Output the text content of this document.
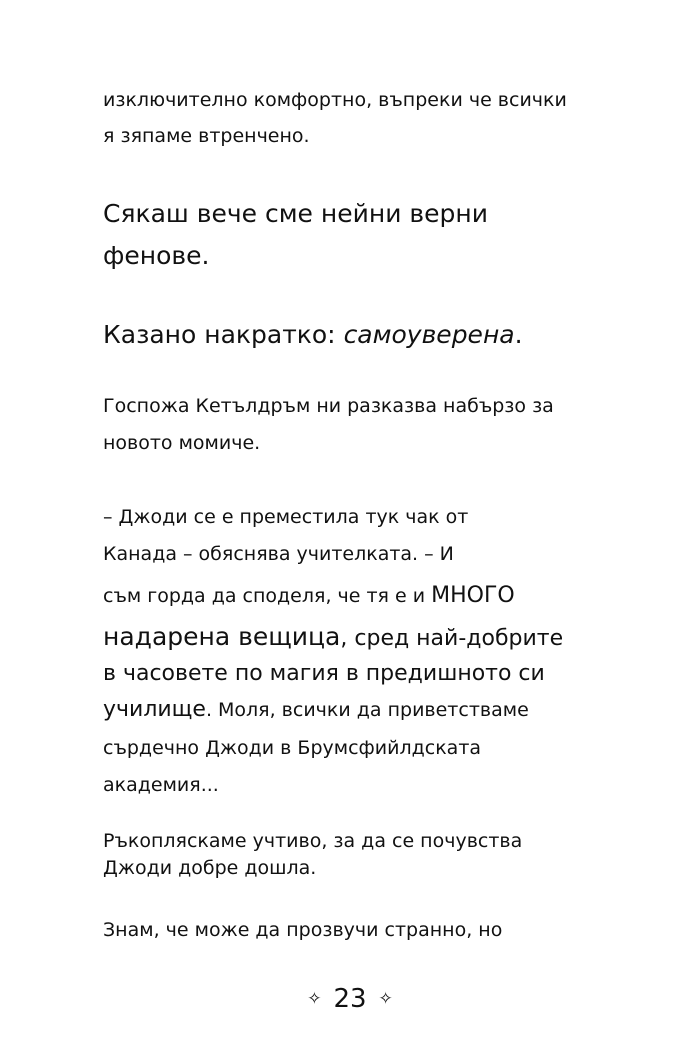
изключително комфортно, въпреки че всички

я зяпаме втренчено.

Сякаш вече сме нейни верни

фенове.

Казано накратко: самоуверена.

Госпожа Кетълдръм ни разказва набързо за

новото момиче.

– Джоди се е преместила тук чак от

Канада – обяснява учителката. – И

съм горда да споделя, че тя е и МНОГО

надарена вещица, сред най-добрите

в часовете по магия в предишното си

училище. Моля, всички да приветстваме

сърдечно Джоди в Брумсфийлдската

академия...

Ръкопляскаме учтиво, за да се почувства

Джоди добре дошла.

Знам, че може да прозвучи странно, но

✧ 23 ✧
